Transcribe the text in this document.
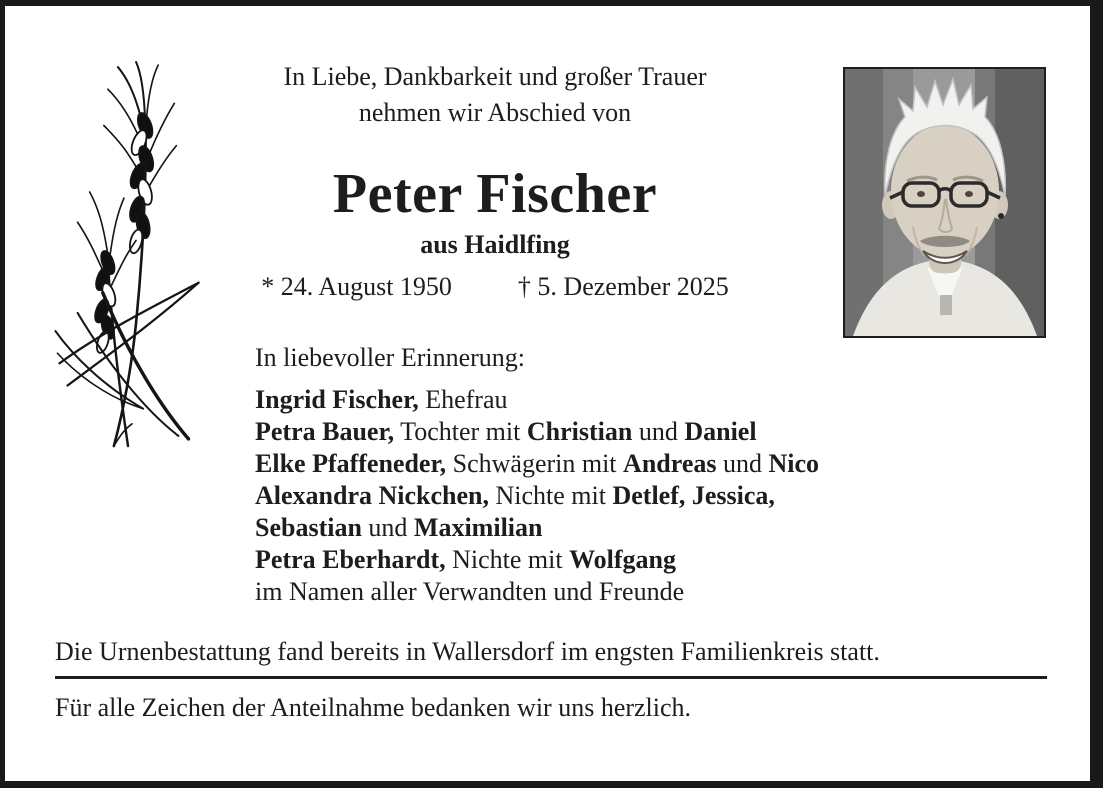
In Liebe, Dankbarkeit und großer Trauer
nehmen wir Abschied von
Peter Fischer
aus Haidlfing
* 24. August 1950	† 5. Dezember 2025
In liebevoller Erinnerung:
Ingrid Fischer, Ehefrau
Petra Bauer, Tochter mit Christian und Daniel
Elke Pfaffeneder, Schwägerin mit Andreas und Nico
Alexandra Nickchen, Nichte mit Detlef, Jessica,
Sebastian und Maximilian
Petra Eberhardt, Nichte mit Wolfgang
im Namen aller Verwandten und Freunde
Die Urnenbestattung fand bereits in Wallersdorf im engsten Familienkreis statt.
Für alle Zeichen der Anteilnahme bedanken wir uns herzlich.
